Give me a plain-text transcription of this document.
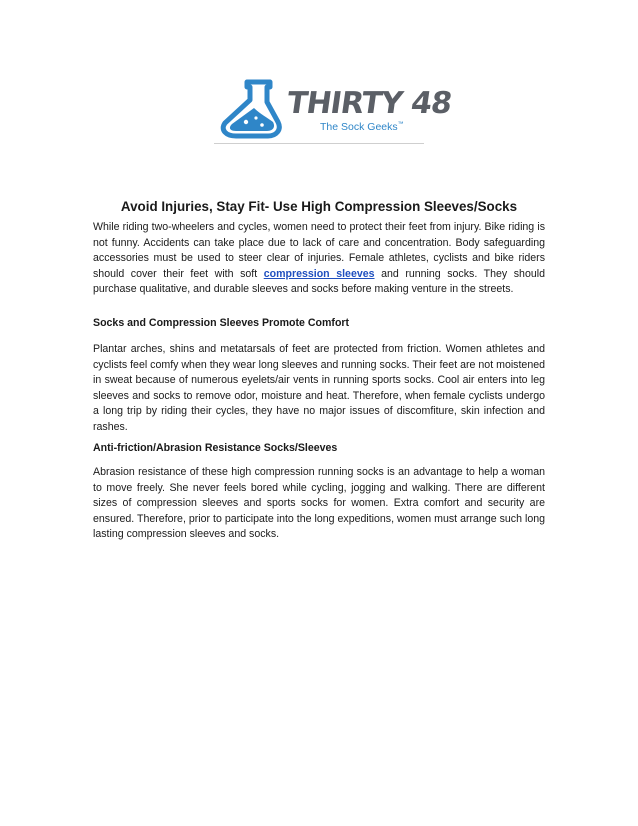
THIRTY 48
The Sock Geeks™
Avoid Injuries, Stay Fit- Use High Compression Sleeves/Socks

While riding two-wheelers and cycles, women need to protect their feet from injury. Bike riding is not funny. Accidents can take place due to lack of care and concentration. Body safeguarding accessories must be used to steer clear of injuries. Female athletes, cyclists and bike riders should cover their feet with soft compression sleeves and running socks. They should purchase qualitative, and durable sleeves and socks before making venture in the streets.

Socks and Compression Sleeves Promote Comfort

Plantar arches, shins and metatarsals of feet are protected from friction. Women athletes and cyclists feel comfy when they wear long sleeves and running socks. Their feet are not moistened in sweat because of numerous eyelets/air vents in running sports socks. Cool air enters into leg sleeves and socks to remove odor, moisture and heat. Therefore, when female cyclists undergo a long trip by riding their cycles, they have no major issues of discomfiture, skin infection and rashes.

Anti-friction/Abrasion Resistance Socks/Sleeves

Abrasion resistance of these high compression running socks is an advantage to help a woman to move freely. She never feels bored while cycling, jogging and walking. There are different sizes of compression sleeves and sports socks for women. Extra comfort and security are ensured. Therefore, prior to participate into the long expeditions, women must arrange such long lasting compression sleeves and socks.
